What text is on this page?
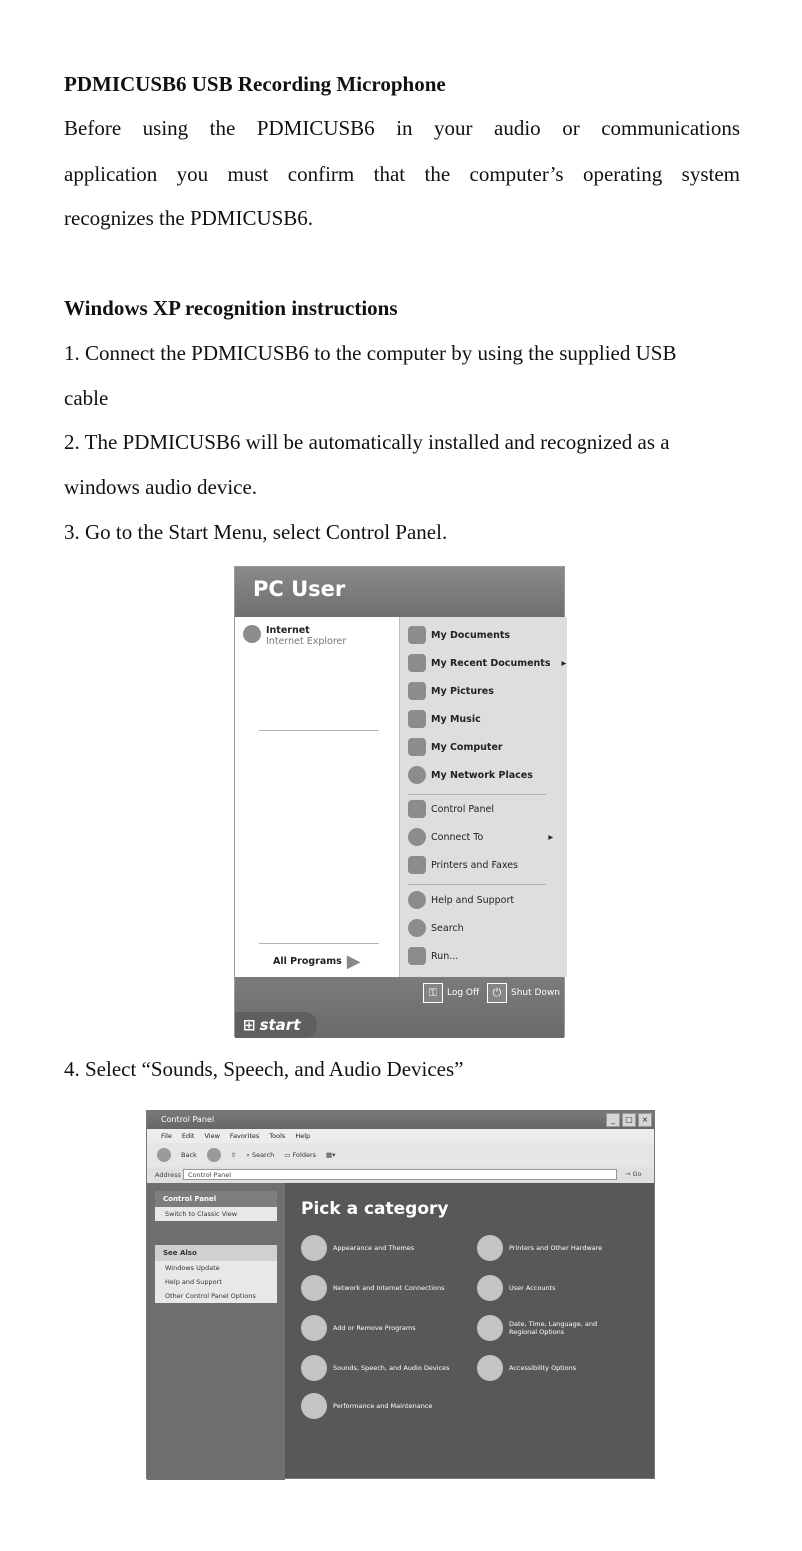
PDMICUSB6 USB Recording Microphone
Before using the PDMICUSB6 in your audio or communications
application you must confirm that the computer’s operating system
recognizes the PDMICUSB6.
Windows XP recognition instructions
1. Connect the PDMICUSB6 to the computer by using the supplied USB
cable
2. The PDMICUSB6 will be automatically installed and recognized as a
windows audio device.
3. Go to the Start Menu, select Control Panel.
PC User
Internet
Internet Explorer
All Programs ▶
My Documents
My Recent Documents ▸
My Pictures
My Music
My Computer
My Network Places
Control Panel
Connect To	▸
Printers and Faxes
Help and Support
Search
Run...
⚿	Log Off	⏻	Shut Down
⊞ start
4. Select “Sounds, Speech, and Audio Devices”
Control Panel	_	□	×
File Edit View Favorites Tools Help
Back	⇧ ⌕ Search ▭ Folders ▦▾
Address	Control Panel	→ Go
Control Panel
Switch to Classic View
See Also
Windows Update
Help and Support
Other Control Panel Options
Pick a category
Appearance and Themes	Printers and Other Hardware
Network and Internet Connections	User Accounts
Add or Remove Programs	Date, Time, Language, and Regional Options
Sounds, Speech, and Audio Devices	Accessibility Options
Performance and Maintenance
